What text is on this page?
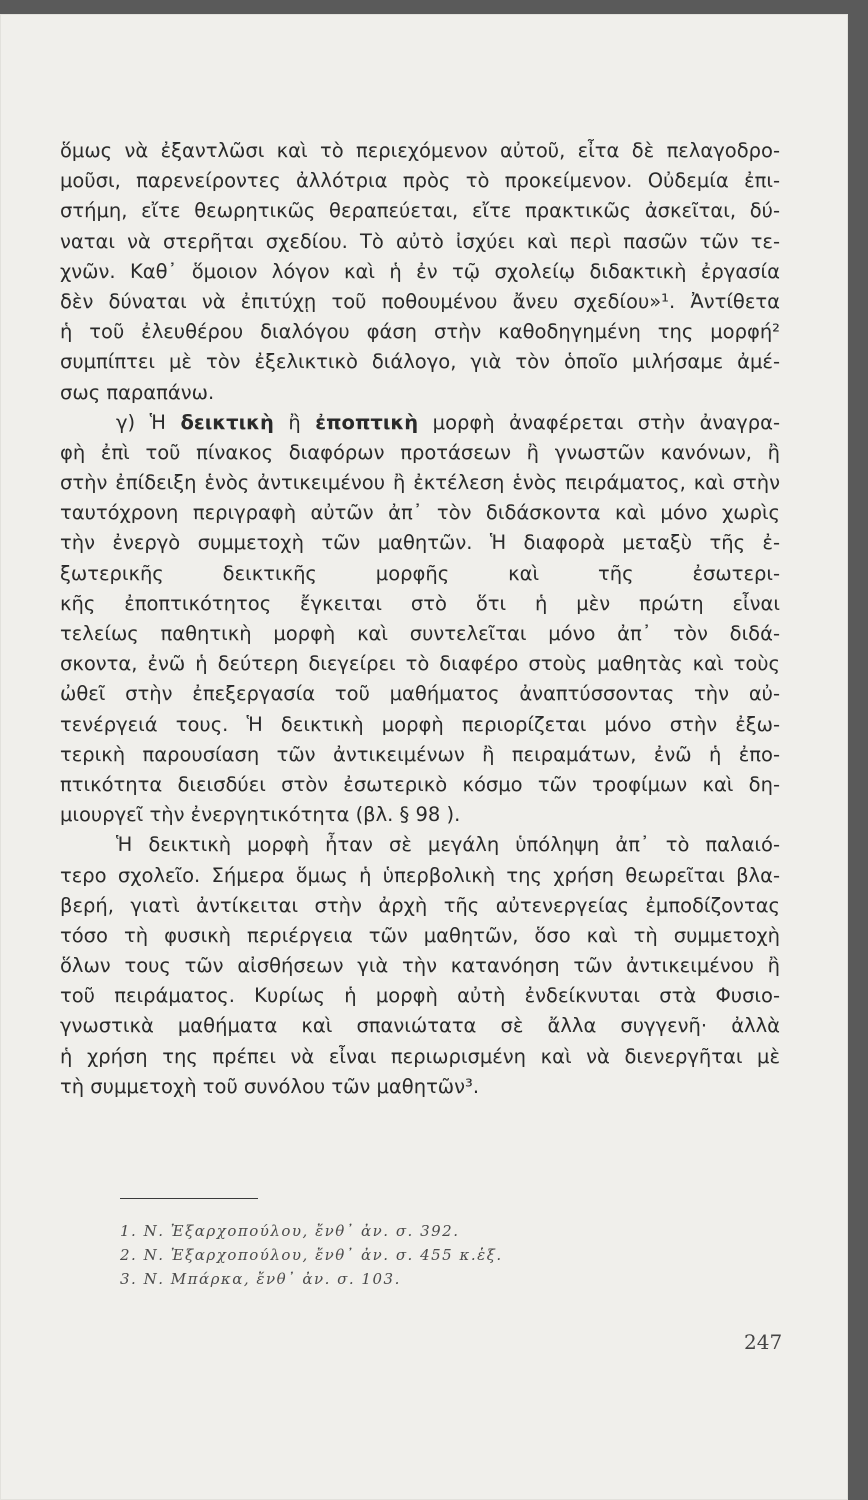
ὅμως νὰ ἐξαντλῶσι καὶ τὸ περιεχόμενον αὐτοῦ, εἶτα δὲ πελαγοδρο-
μοῦσι, παρενείροντες ἀλλότρια πρὸς τὸ προκείμενον. Οὐδεμία ἐπι-
στήμη, εἴτε θεωρητικῶς θεραπεύεται, εἴτε πρακτικῶς ἀσκεῖται, δύ-
ναται νὰ στερῆται σχεδίου. Τὸ αὐτὸ ἰσχύει καὶ περὶ πασῶν τῶν τε-
χνῶν. Καθ᾿ ὅμοιον λόγον καὶ ἡ ἐν τῷ σχολείῳ διδακτικὴ ἐργασία
δὲν δύναται νὰ ἐπιτύχῃ τοῦ ποθουμένου ἄνευ σχεδίου»¹. Ἀντίθετα
ἡ τοῦ ἐλευθέρου διαλόγου φάση στὴν καθοδηγημένη της μορφή²
συμπίπτει μὲ τὸν ἐξελικτικὸ διάλογο, γιὰ τὸν ὁποῖο μιλήσαμε ἀμέ-
σως παραπάνω.
γ) Ἡ δεικτικὴ ἢ ἐποπτικὴ μορφὴ ἀναφέρεται στὴν ἀναγρα-
φὴ ἐπὶ τοῦ πίνακος διαφόρων προτάσεων ἢ γνωστῶν κανόνων, ἢ
στὴν ἐπίδειξη ἑνὸς ἀντικειμένου ἢ ἐκτέλεση ἑνὸς πειράματος, καὶ στὴν
ταυτόχρονη περιγραφὴ αὐτῶν ἀπ᾿ τὸν διδάσκοντα καὶ μόνο χωρὶς
τὴν ἐνεργὸ συμμετοχὴ τῶν μαθητῶν. Ἡ διαφορὰ μεταξὺ τῆς ἐ-
ξωτερικῆς δεικτικῆς μορφῆς καὶ τῆς ἐσωτερι-
κῆς ἐποπτικότητος ἔγκειται στὸ ὅτι ἡ μὲν πρώτη εἶναι
τελείως παθητικὴ μορφὴ καὶ συντελεῖται μόνο ἀπ᾿ τὸν διδά-
σκοντα, ἐνῶ ἡ δεύτερη διεγείρει τὸ διαφέρο στοὺς μαθητὰς καὶ τοὺς
ὠθεῖ στὴν ἐπεξεργασία τοῦ μαθήματος ἀναπτύσσοντας τὴν αὐ-
τενέργειά τους. Ἡ δεικτικὴ μορφὴ περιορίζεται μόνο στὴν ἐξω-
τερικὴ παρουσίαση τῶν ἀντικειμένων ἢ πειραμάτων, ἐνῶ ἡ ἐπο-
πτικότητα διεισδύει στὸν ἐσωτερικὸ κόσμο τῶν τροφίμων καὶ δη-
μιουργεῖ τὴν ἐνεργητικότητα (βλ. § 98 ).
Ἡ δεικτικὴ μορφὴ ἦταν σὲ μεγάλη ὑπόληψη ἀπ᾿ τὸ παλαιό-
τερο σχολεῖο. Σήμερα ὅμως ἡ ὑπερβολικὴ της χρήση θεωρεῖται βλα-
βερή, γιατὶ ἀντίκειται στὴν ἀρχὴ τῆς αὐτενεργείας ἐμποδίζοντας
τόσο τὴ φυσικὴ περιέργεια τῶν μαθητῶν, ὅσο καὶ τὴ συμμετοχὴ
ὅλων τους τῶν αἰσθήσεων γιὰ τὴν κατανόηση τῶν ἀντικειμένου ἢ
τοῦ πειράματος. Κυρίως ἡ μορφὴ αὐτὴ ἐνδείκνυται στὰ Φυσιο-
γνωστικὰ μαθήματα καὶ σπανιώτατα σὲ ἄλλα συγγενῆ· ἀλλὰ
ἡ χρήση της πρέπει νὰ εἶναι περιωρισμένη καὶ νὰ διενεργῆται μὲ
τὴ συμμετοχὴ τοῦ συνόλου τῶν μαθητῶν³.
1. Ν. Ἐξαρχοπούλου, ἔνθ᾿ ἀν. σ. 392.
2. Ν. Ἐξαρχοπούλου, ἔνθ᾿ ἀν. σ. 455 κ.ἑξ.
3. Ν. Μπάρκα, ἔνθ᾿ ἀν. σ. 103.
247
